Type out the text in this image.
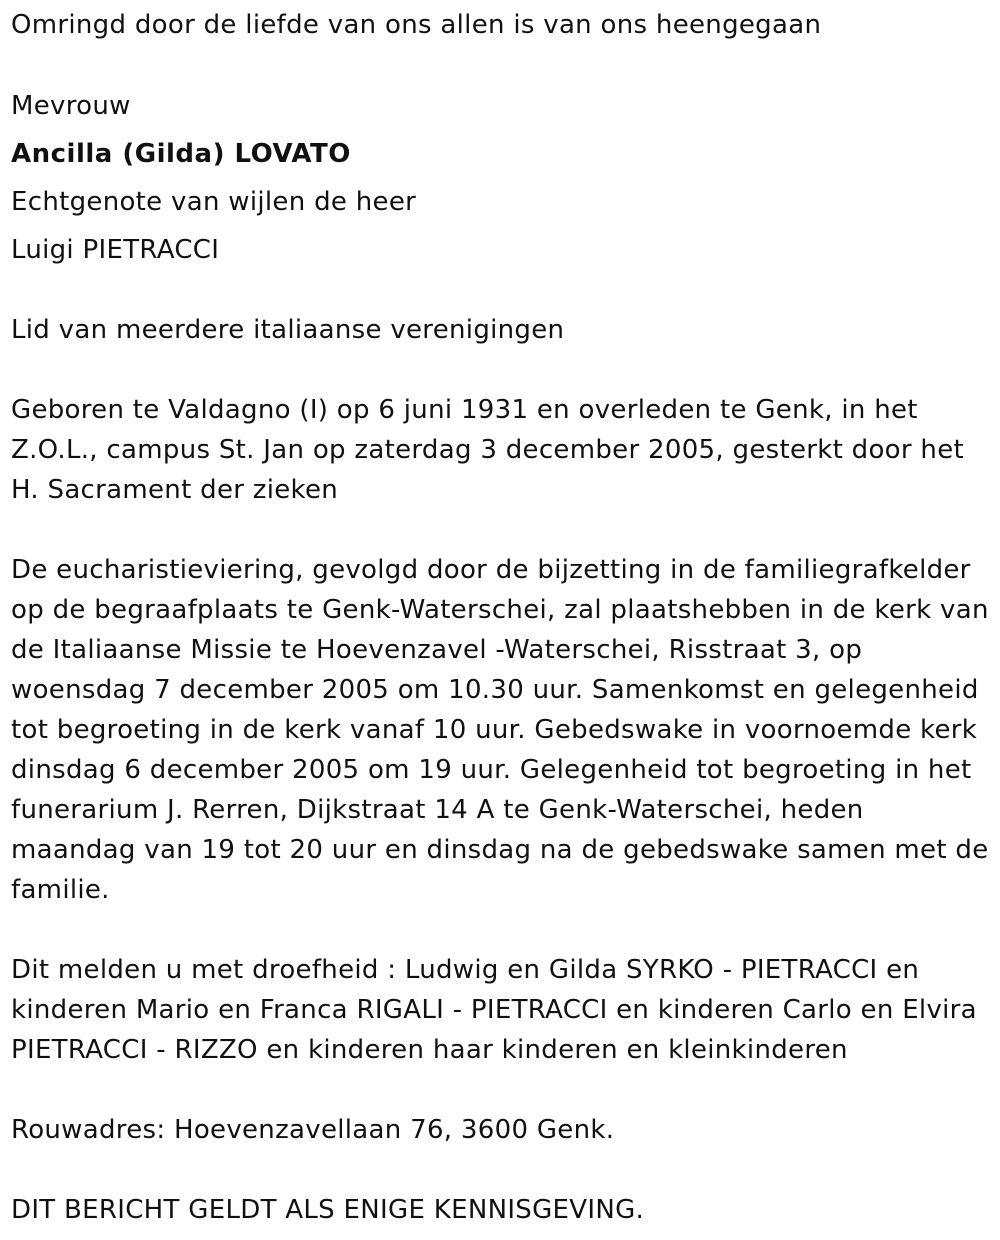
Omringd door de liefde van ons allen is van ons heengegaan

Mevrouw

Ancilla (Gilda) LOVATO

Echtgenote van wijlen de heer

Luigi PIETRACCI

Lid van meerdere italiaanse verenigingen

Geboren te Valdagno (I) op 6 juni 1931 en overleden te Genk, in het

Z.O.L., campus St. Jan op zaterdag 3 december 2005, gesterkt door het

H. Sacrament der zieken

De eucharistieviering, gevolgd door de bijzetting in de familiegrafkelder

op de begraafplaats te Genk-Waterschei, zal plaatshebben in de kerk van

de Italiaanse Missie te Hoevenzavel -Waterschei, Risstraat 3, op

woensdag 7 december 2005 om 10.30 uur. Samenkomst en gelegenheid

tot begroeting in de kerk vanaf 10 uur. Gebedswake in voornoemde kerk

dinsdag 6 december 2005 om 19 uur. Gelegenheid tot begroeting in het

funerarium J. Rerren, Dijkstraat 14 A te Genk-Waterschei, heden

maandag van 19 tot 20 uur en dinsdag na de gebedswake samen met de

familie.

Dit melden u met droefheid : Ludwig en Gilda SYRKO - PIETRACCI en

kinderen Mario en Franca RIGALI - PIETRACCI en kinderen Carlo en Elvira

PIETRACCI - RIZZO en kinderen haar kinderen en kleinkinderen

Rouwadres: Hoevenzavellaan 76, 3600 Genk.

DIT BERICHT GELDT ALS ENIGE KENNISGEVING.
